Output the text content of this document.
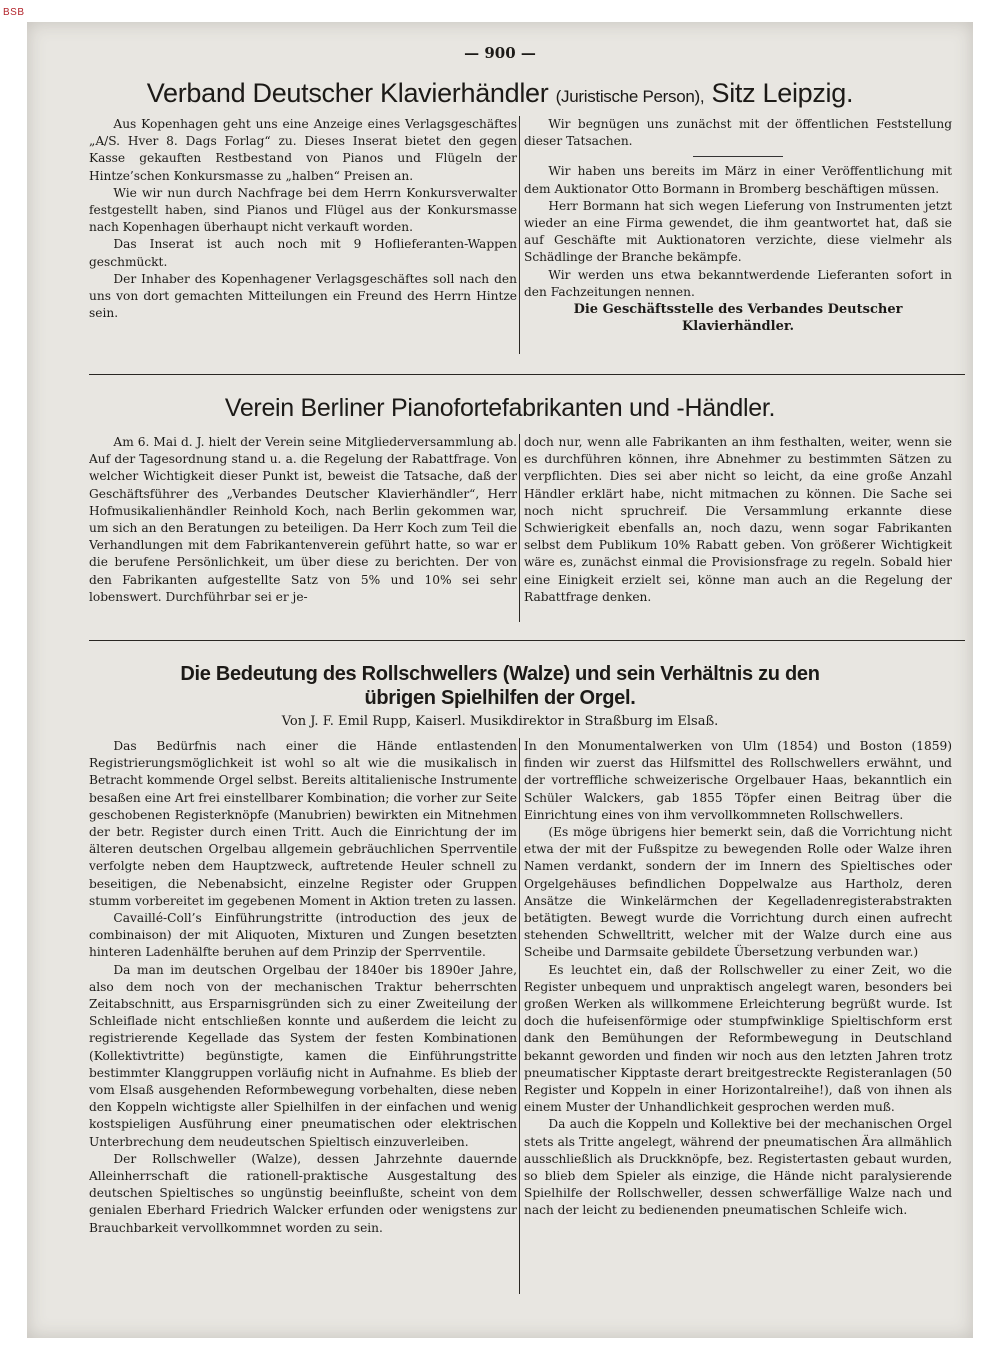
BSB
— 900 —
Verband Deutscher Klavierhändler (Juristische Person), Sitz Leipzig.

Aus Kopenhagen geht uns eine Anzeige eines Verlagsgeschäftes „A/S. Hver 8. Dags Forlag“ zu. Dieses Inserat bietet den gegen Kasse gekauften Restbestand von Pianos und Flügeln der Hintze’schen Konkursmasse zu „halben“ Preisen an.

Wie wir nun durch Nachfrage bei dem Herrn Konkursverwalter festgestellt haben, sind Pianos und Flügel aus der Konkursmasse nach Kopenhagen überhaupt nicht verkauft worden.

Das Inserat ist auch noch mit 9 Hoflieferanten-Wappen geschmückt.

Der Inhaber des Kopenhagener Verlagsgeschäftes soll nach den uns von dort gemachten Mitteilungen ein Freund des Herrn Hintze sein.

Wir begnügen uns zunächst mit der öffentlichen Feststellung dieser Tatsachen.

Wir haben uns bereits im März in einer Veröffentlichung mit dem Auktionator Otto Bormann in Bromberg beschäftigen müssen.

Herr Bormann hat sich wegen Lieferung von Instrumenten jetzt wieder an eine Firma gewendet, die ihm geantwortet hat, daß sie auf Geschäfte mit Auktionatoren verzichte, diese vielmehr als Schädlinge der Branche bekämpfe.

Wir werden uns etwa bekanntwerdende Lieferanten sofort in den Fachzeitungen nennen.

Die Geschäftsstelle des Verbandes Deutscher
Klavierhändler.
Verein Berliner Pianofortefabrikanten und -Händler.

Am 6. Mai d. J. hielt der Verein seine Mitgliederversammlung ab. Auf der Tagesordnung stand u. a. die Regelung der Rabattfrage. Von welcher Wichtigkeit dieser Punkt ist, beweist die Tatsache, daß der Geschäftsführer des „Verbandes Deutscher Klavierhändler“, Herr Hofmusikalienhändler Reinhold Koch, nach Berlin gekommen war, um sich an den Beratungen zu beteiligen. Da Herr Koch zum Teil die Verhandlungen mit dem Fabrikantenverein geführt hatte, so war er die berufene Persönlichkeit, um über diese zu berichten. Der von den Fabrikanten aufgestellte Satz von 5% und 10% sei sehr lobenswert. Durchführbar sei er je-

doch nur, wenn alle Fabrikanten an ihm festhalten, weiter, wenn sie es durchführen können, ihre Abnehmer zu bestimmten Sätzen zu verpflichten. Dies sei aber nicht so leicht, da eine große Anzahl Händler erklärt habe, nicht mitmachen zu können. Die Sache sei noch nicht spruchreif. Die Versammlung erkannte diese Schwierigkeit ebenfalls an, noch dazu, wenn sogar Fabrikanten selbst dem Publikum 10% Rabatt geben. Von größerer Wichtigkeit wäre es, zunächst einmal die Provisionsfrage zu regeln. Sobald hier eine Einigkeit erzielt sei, könne man auch an die Regelung der Rabattfrage denken.

Die Bedeutung des Rollschwellers (Walze) und sein Verhältnis zu den
übrigen Spielhilfen der Orgel.
Von J. F. Emil Rupp, Kaiserl. Musikdirektor in Straßburg im Elsaß.

Das Bedürfnis nach einer die Hände entlastenden Registrierungsmöglichkeit ist wohl so alt wie die musikalisch in Betracht kommende Orgel selbst. Bereits altitalienische Instrumente besaßen eine Art frei einstellbarer Kombination; die vorher zur Seite geschobenen Registerknöpfe (Manubrien) bewirkten ein Mitnehmen der betr. Register durch einen Tritt. Auch die Einrichtung der im älteren deutschen Orgelbau allgemein gebräuchlichen Sperrventile verfolgte neben dem Hauptzweck, auftretende Heuler schnell zu beseitigen, die Nebenabsicht, einzelne Register oder Gruppen stumm vorbereitet im gegebenen Moment in Aktion treten zu lassen.

Cavaillé-Coll’s Einführungstritte (introduction des jeux de combinaison) der mit Aliquoten, Mixturen und Zungen besetzten hinteren Ladenhälfte beruhen auf dem Prinzip der Sperrventile.

Da man im deutschen Orgelbau der 1840er bis 1890er Jahre, also dem noch von der mechanischen Traktur beherrschten Zeitabschnitt, aus Ersparnisgründen sich zu einer Zweiteilung der Schleiflade nicht entschließen konnte und außerdem die leicht zu registrierende Kegellade das System der festen Kombinationen (Kollektivtritte) begünstigte, kamen die Einführungstritte bestimmter Klanggruppen vorläufig nicht in Aufnahme. Es blieb der vom Elsaß ausgehenden Reformbewegung vorbehalten, diese neben den Koppeln wichtigste aller Spielhilfen in der einfachen und wenig kostspieligen Ausführung einer pneumatischen oder elektrischen Unterbrechung dem neudeutschen Spieltisch einzuverleiben.

Der Rollschweller (Walze), dessen Jahrzehnte dauernde Alleinherrschaft die rationell-praktische Ausgestaltung des deutschen Spieltisches so ungünstig beeinflußte, scheint von dem genialen Eberhard Friedrich Walcker erfunden oder wenigstens zur Brauchbarkeit vervollkommnet worden zu sein.

In den Monumentalwerken von Ulm (1854) und Boston (1859) finden wir zuerst das Hilfsmittel des Rollschwellers erwähnt, und der vortreffliche schweizerische Orgelbauer Haas, bekanntlich ein Schüler Walckers, gab 1855 Töpfer einen Beitrag über die Einrichtung eines von ihm vervollkommneten Rollschwellers.

(Es möge übrigens hier bemerkt sein, daß die Vorrichtung nicht etwa der mit der Fußspitze zu bewegenden Rolle oder Walze ihren Namen verdankt, sondern der im Innern des Spieltisches oder Orgelgehäuses befindlichen Doppelwalze aus Hartholz, deren Ansätze die Winkelärmchen der Kegelladenregisterabstrakten betätigten. Bewegt wurde die Vorrichtung durch einen aufrecht stehenden Schwelltritt, welcher mit der Walze durch eine aus Scheibe und Darmsaite gebildete Übersetzung verbunden war.)

Es leuchtet ein, daß der Rollschweller zu einer Zeit, wo die Register unbequem und unpraktisch angelegt waren, besonders bei großen Werken als willkommene Erleichterung begrüßt wurde. Ist doch die hufeisenförmige oder stumpfwinklige Spieltischform erst dank den Bemühungen der Reformbewegung in Deutschland bekannt geworden und finden wir noch aus den letzten Jahren trotz pneumatischer Kipptaste derart breitgestreckte Registeranlagen (50 Register und Koppeln in einer Horizontalreihe!), daß von ihnen als einem Muster der Unhandlichkeit gesprochen werden muß.

Da auch die Koppeln und Kollektive bei der mechanischen Orgel stets als Tritte angelegt, während der pneumatischen Ära allmählich ausschließlich als Druckknöpfe, bez. Registertasten gebaut wurden, so blieb dem Spieler als einzige, die Hände nicht paralysierende Spielhilfe der Rollschweller, dessen schwerfällige Walze nach und nach der leicht zu bedienenden pneumatischen Schleife wich.
